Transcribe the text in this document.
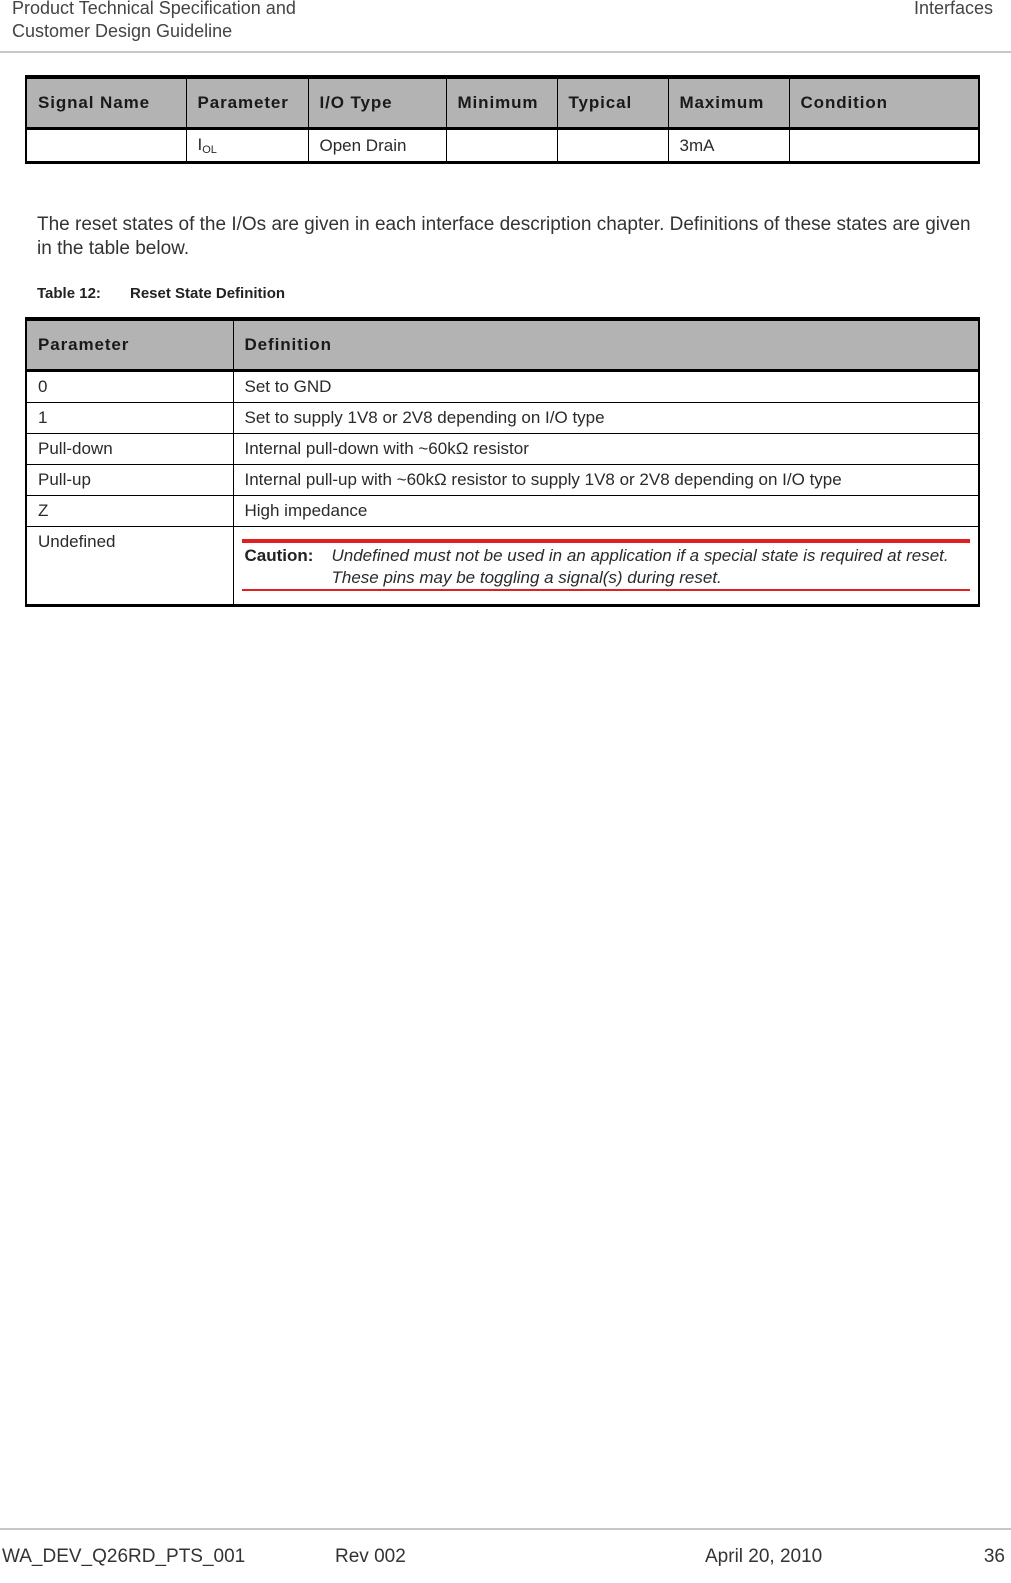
Product Technical Specification and
Customer Design Guideline
Interfaces
Signal Name	Parameter	I/O Type	Minimum	Typical	Maximum	Condition
	$I_{OL}$	Open Drain			3mA	
The reset states of the I/Os are given in each interface description chapter. Definitions of these states are given in the table below.
Table 12: Reset State Definition
Parameter	Definition
0	Set to GND
1	Set to supply 1V8 or 2V8 depending on I/O type
Pull-down	Internal pull-down with ~60kΩ resistor
Pull-up	Internal pull-up with ~60kΩ resistor to supply 1V8 or 2V8 depending on I/O type
Z	High impedance
Undefined	Caution: Undefined must not be used in an application if a special state is required at reset. These pins may be toggling a signal(s) during reset.
WA_DEV_Q26RD_PTS_001	Rev 002	April 20, 2010	36
